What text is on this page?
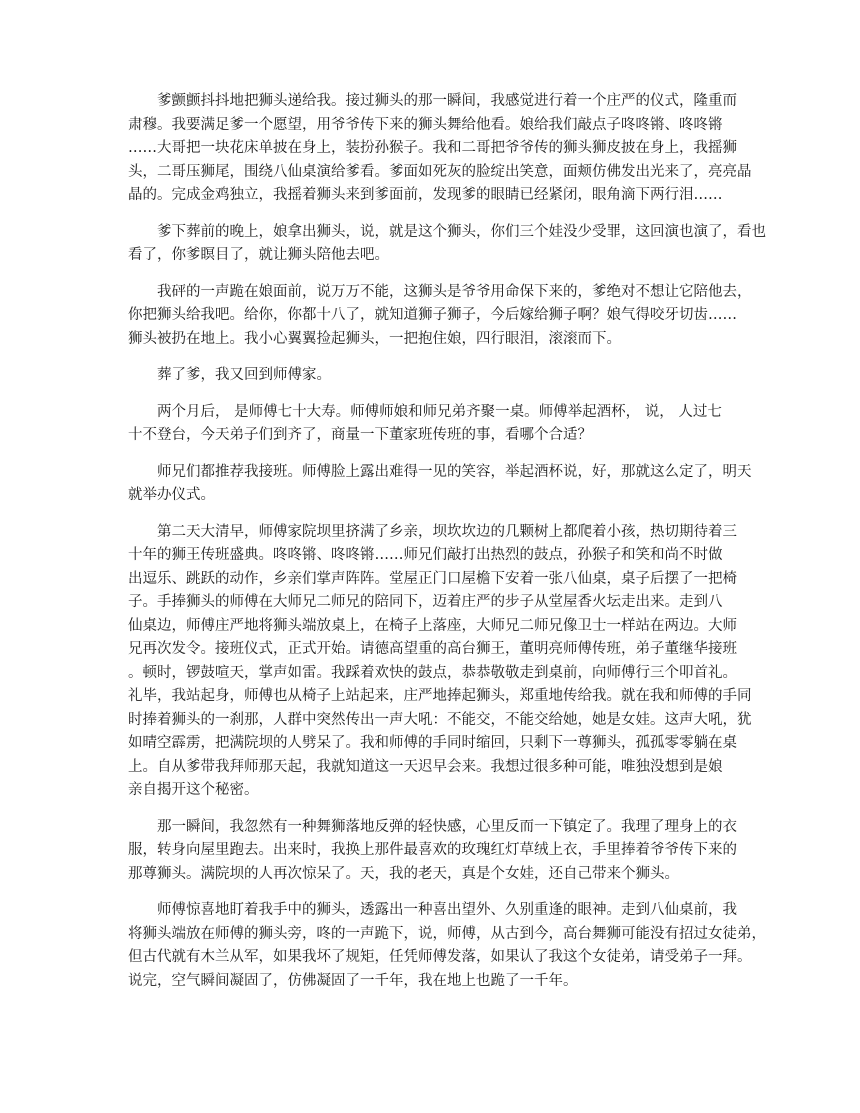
爹颤颤抖抖地把狮头递给我。接过狮头的那一瞬间，我感觉进行着一个庄严的仪式，隆重而
肃穆。我要满足爹一个愿望，用爷爷传下来的狮头舞给他看。娘给我们敲点子咚咚锵、咚咚锵
……大哥把一块花床单披在身上，装扮孙猴子。我和二哥把爷爷传的狮头狮皮披在身上，我摇狮
头，二哥压狮尾，围绕八仙桌演给爹看。爹面如死灰的脸绽出笑意，面颊仿佛发出光来了，亮亮晶
晶的。完成金鸡独立，我摇着狮头来到爹面前，发现爹的眼睛已经紧闭，眼角滴下两行泪……

爹下葬前的晚上，娘拿出狮头，说，就是这个狮头，你们三个娃没少受罪，这回演也演了，看也
看了，你爹瞑目了，就让狮头陪他去吧。

我砰的一声跪在娘面前，说万万不能，这狮头是爷爷用命保下来的，爹绝对不想让它陪他去，
你把狮头给我吧。给你，你都十八了，就知道狮子狮子，今后嫁给狮子啊？娘气得咬牙切齿……
狮头被扔在地上。我小心翼翼捡起狮头，一把抱住娘，四行眼泪，滚滚而下。

葬了爹，我又回到师傅家。

两个月后， 是师傅七十大寿。师傅师娘和师兄弟齐聚一桌。师傅举起酒杯， 说， 人过七
十不登台，今天弟子们到齐了，商量一下董家班传班的事，看哪个合适？

师兄们都推荐我接班。师傅脸上露出难得一见的笑容，举起酒杯说，好，那就这么定了，明天
就举办仪式。

第二天大清早，师傅家院坝里挤满了乡亲，坝坎坎边的几颗树上都爬着小孩，热切期待着三
十年的狮王传班盛典。咚咚锵、咚咚锵……师兄们敲打出热烈的鼓点，孙猴子和笑和尚不时做
出逗乐、跳跃的动作，乡亲们掌声阵阵。堂屋正门口屋檐下安着一张八仙桌，桌子后摆了一把椅
子。手捧狮头的师傅在大师兄二师兄的陪同下，迈着庄严的步子从堂屋香火坛走出来。走到八
仙桌边，师傅庄严地将狮头端放桌上，在椅子上落座，大师兄二师兄像卫士一样站在两边。大师
兄再次发令。接班仪式，正式开始。请德高望重的高台狮王，董明亮师傅传班，弟子董继华接班
。顿时，锣鼓喧天，掌声如雷。我踩着欢快的鼓点，恭恭敬敬走到桌前，向师傅行三个叩首礼。
礼毕，我站起身，师傅也从椅子上站起来，庄严地捧起狮头，郑重地传给我。就在我和师傅的手同
时捧着狮头的一刹那，人群中突然传出一声大吼：不能交，不能交给她，她是女娃。这声大吼，犹
如晴空霹雳，把满院坝的人劈呆了。我和师傅的手同时缩回，只剩下一尊狮头，孤孤零零躺在桌
上。自从爹带我拜师那天起，我就知道这一天迟早会来。我想过很多种可能，唯独没想到是娘
亲自揭开这个秘密。

那一瞬间，我忽然有一种舞狮落地反弹的轻快感，心里反而一下镇定了。我理了理身上的衣
服，转身向屋里跑去。出来时，我换上那件最喜欢的玫瑰红灯草绒上衣，手里捧着爷爷传下来的
那尊狮头。满院坝的人再次惊呆了。天，我的老天，真是个女娃，还自己带来个狮头。

师傅惊喜地盯着我手中的狮头，透露出一种喜出望外、久别重逢的眼神。走到八仙桌前，我
将狮头端放在师傅的狮头旁，咚的一声跪下，说，师傅，从古到今，高台舞狮可能没有招过女徒弟，
但古代就有木兰从军，如果我坏了规矩，任凭师傅发落，如果认了我这个女徒弟，请受弟子一拜。
说完，空气瞬间凝固了，仿佛凝固了一千年，我在地上也跪了一千年。
